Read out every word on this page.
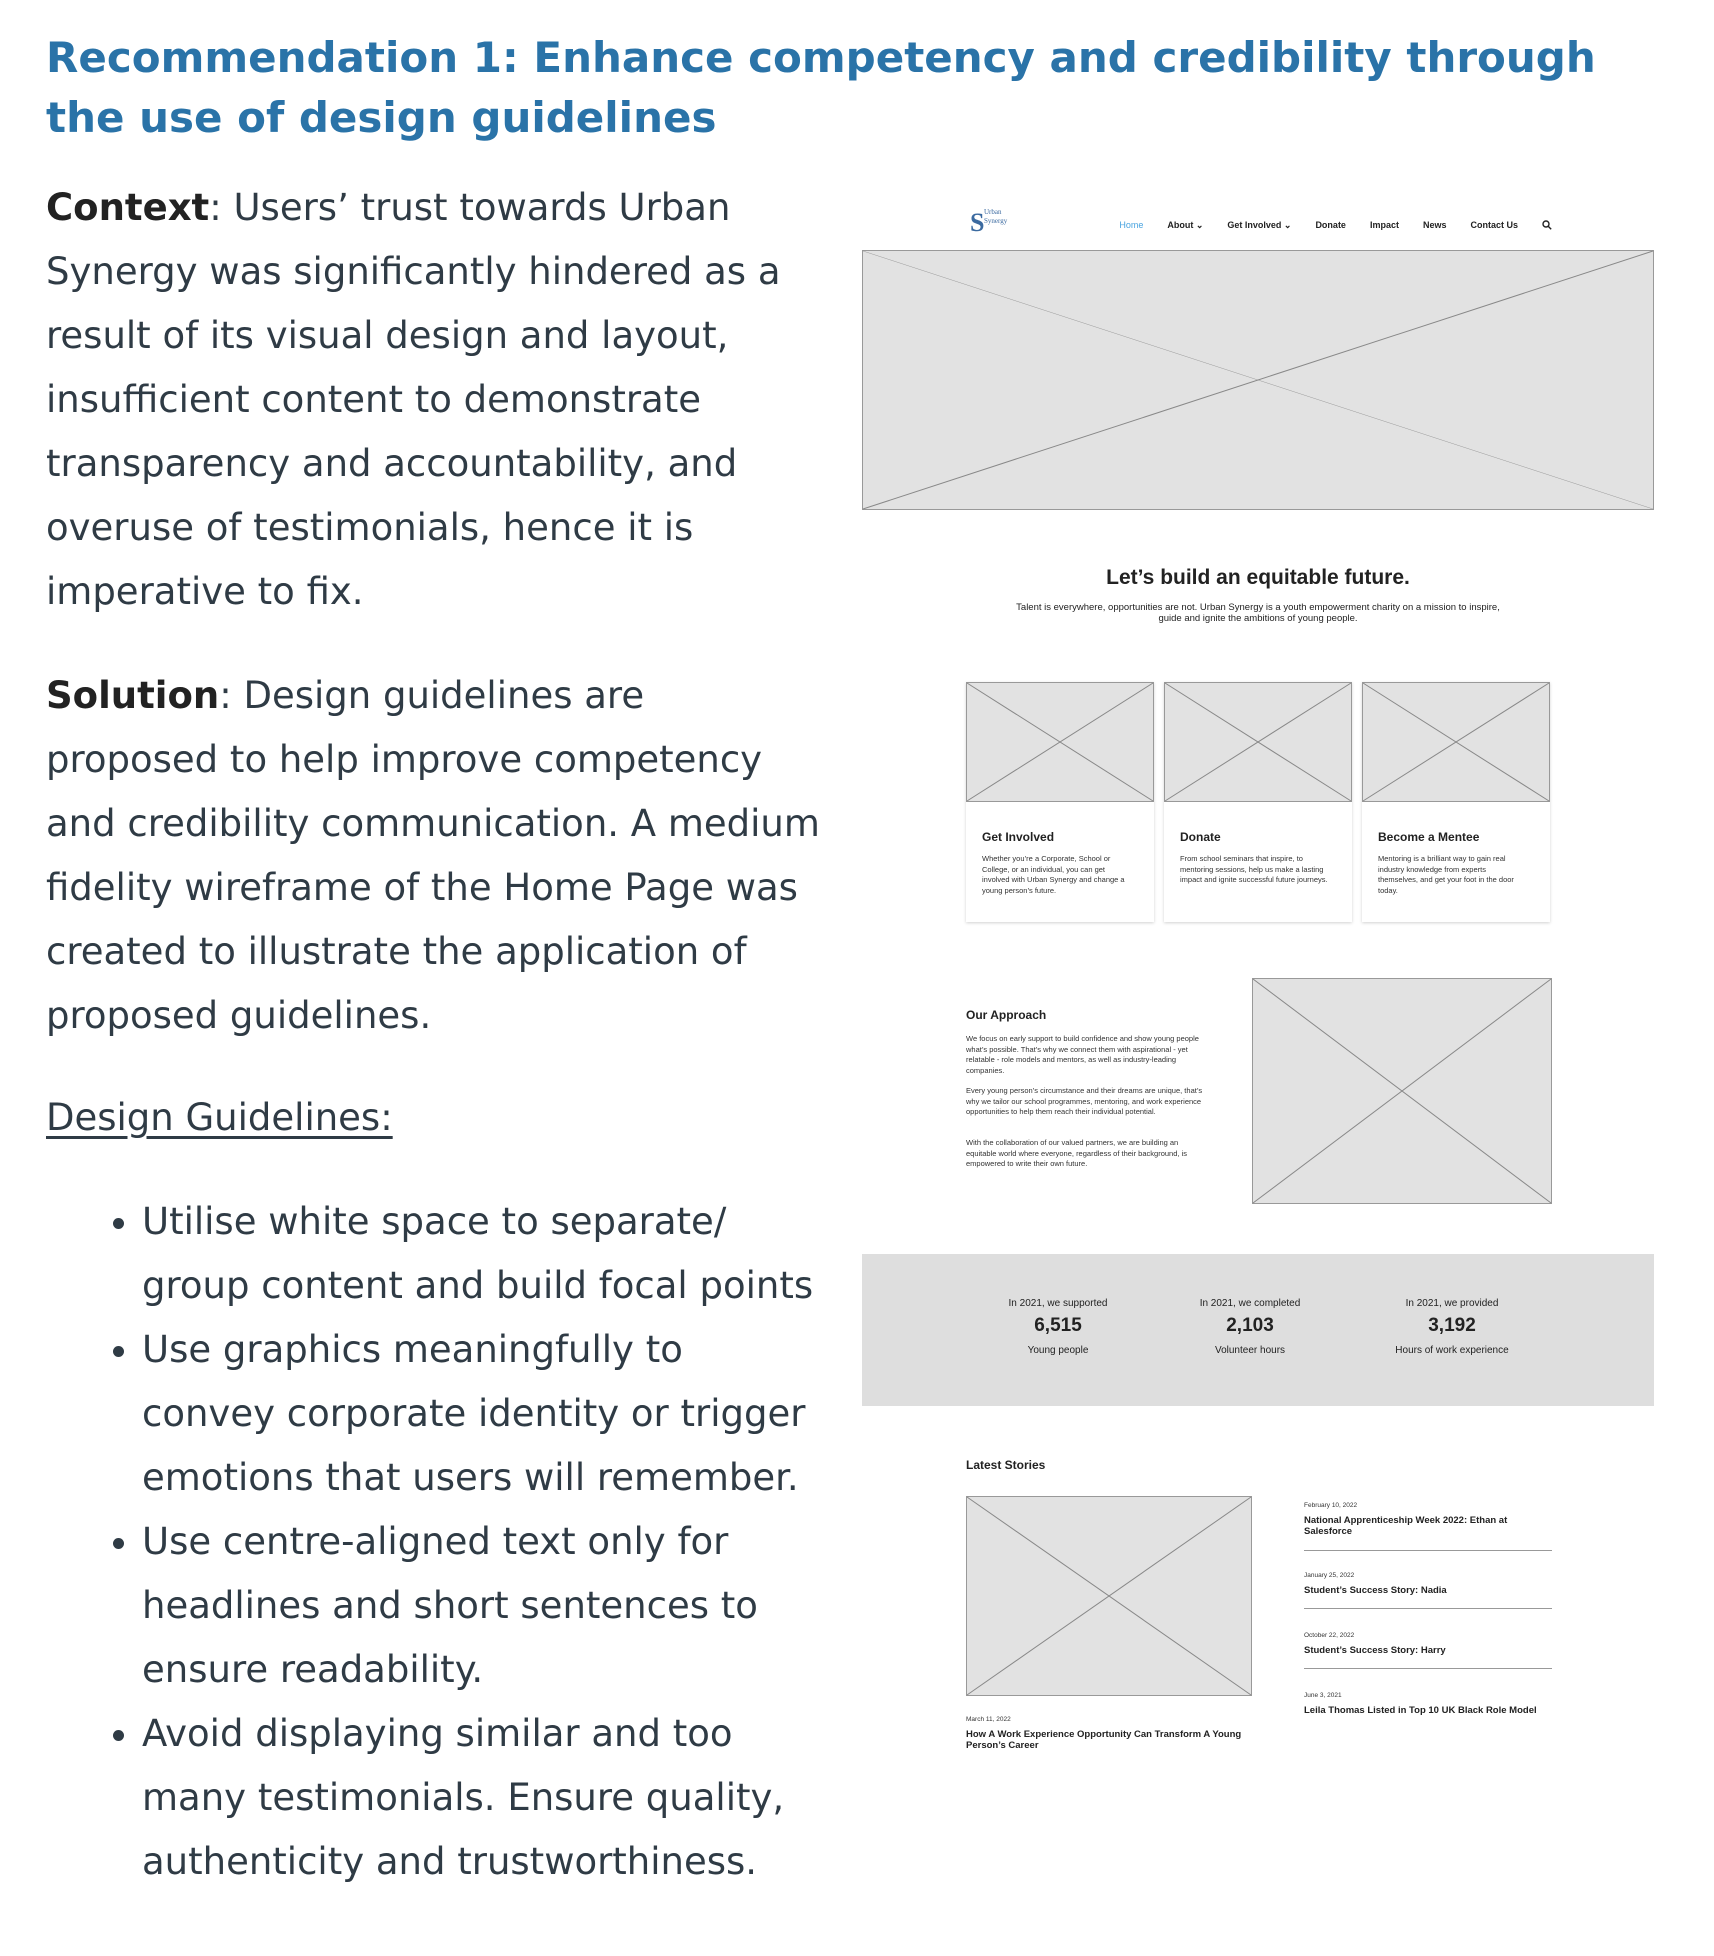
Recommendation 1: Enhance competency and credibility through the use of design guidelines

Context: Users’ trust towards Urban Synergy was significantly hindered as a result of its visual design and layout, insufficient content to demonstrate transparency and accountability, and overuse of testimonials, hence it is imperative to fix.

Solution: Design guidelines are proposed to help improve competency and credibility communication. A medium fidelity wireframe of the Home Page was created to illustrate the application of proposed guidelines.

Design Guidelines:

• Utilise white space to separate/ group content and build focal points
• Use graphics meaningfully to convey corporate identity or trigger emotions that users will remember.
• Use centre-aligned text only for headlines and short sentences to ensure readability.
• Avoid displaying similar and too many testimonials. Ensure quality, authenticity and trustworthiness.
S Urban Synergy	Home	About ⌄	Get Involved ⌄	Donate	Impact	News	Contact Us
Let’s build an equitable future.
Talent is everywhere, opportunities are not. Urban Synergy is a youth empowerment charity on a mission to inspire, guide and ignite the ambitions of young people.
Get Involved
Whether you’re a Corporate, School or College, or an individual, you can get involved with Urban Synergy and change a young person’s future.
Donate
From school seminars that inspire, to mentoring sessions, help us make a lasting impact and ignite successful future journeys.
Become a Mentee
Mentoring is a brilliant way to gain real industry knowledge from experts themselves, and get your foot in the door today.
Our Approach

We focus on early support to build confidence and show young people what’s possible. That’s why we connect them with aspirational - yet relatable - role models and mentors, as well as industry-leading companies.

Every young person’s circumstance and their dreams are unique, that’s why we tailor our school programmes, mentoring, and work experience opportunities to help them reach their individual potential.

With the collaboration of our valued partners, we are building an equitable world where everyone, regardless of their background, is empowered to write their own future.

In 2021, we supported
6,515
Young people
In 2021, we completed
2,103
Volunteer hours
In 2021, we provided
3,192
Hours of work experience
Latest Stories
March 11, 2022
How A Work Experience Opportunity Can Transform A Young Person’s Career
February 10, 2022
National Apprenticeship Week 2022: Ethan at Salesforce
January 25, 2022
Student’s Success Story: Nadia
October 22, 2022
Student’s Success Story: Harry
June 3, 2021
Leila Thomas Listed in Top 10 UK Black Role Model
